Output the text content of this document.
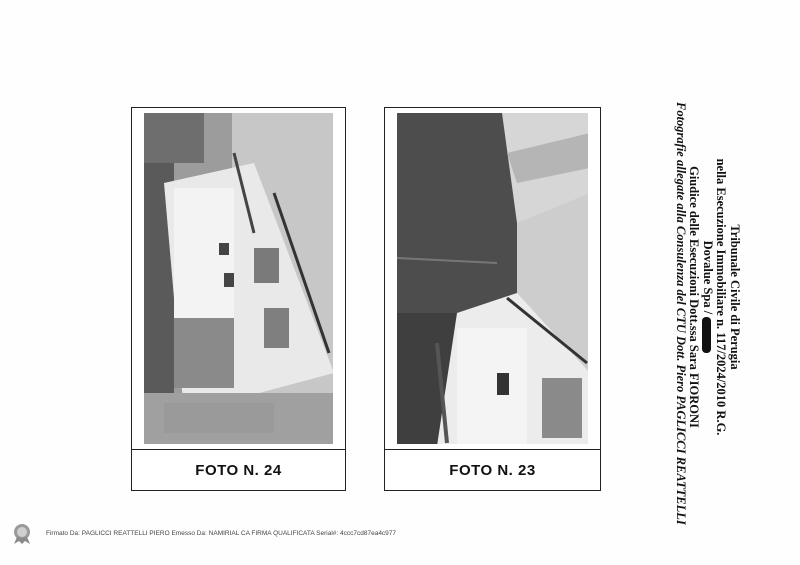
FOTO N. 24	FOTO N. 23
Tribunale Civile di Perugia
nella Esecuzione Immobiliare n. 117/2024/2010 R.G.
Dovalue Spa /
Giudice delle Esecuzioni Dott.ssa Sara FIORONI
Fotografie allegate alla Consulenza del CTU Dott. Piero PAGLICCI REATTELLI
Firmato Da: PAGLICCI REATTELLI PIERO Emesso Da: NAMIRIAL CA FIRMA QUALIFICATA Serial#: 4ccc7cd87ea4c977
